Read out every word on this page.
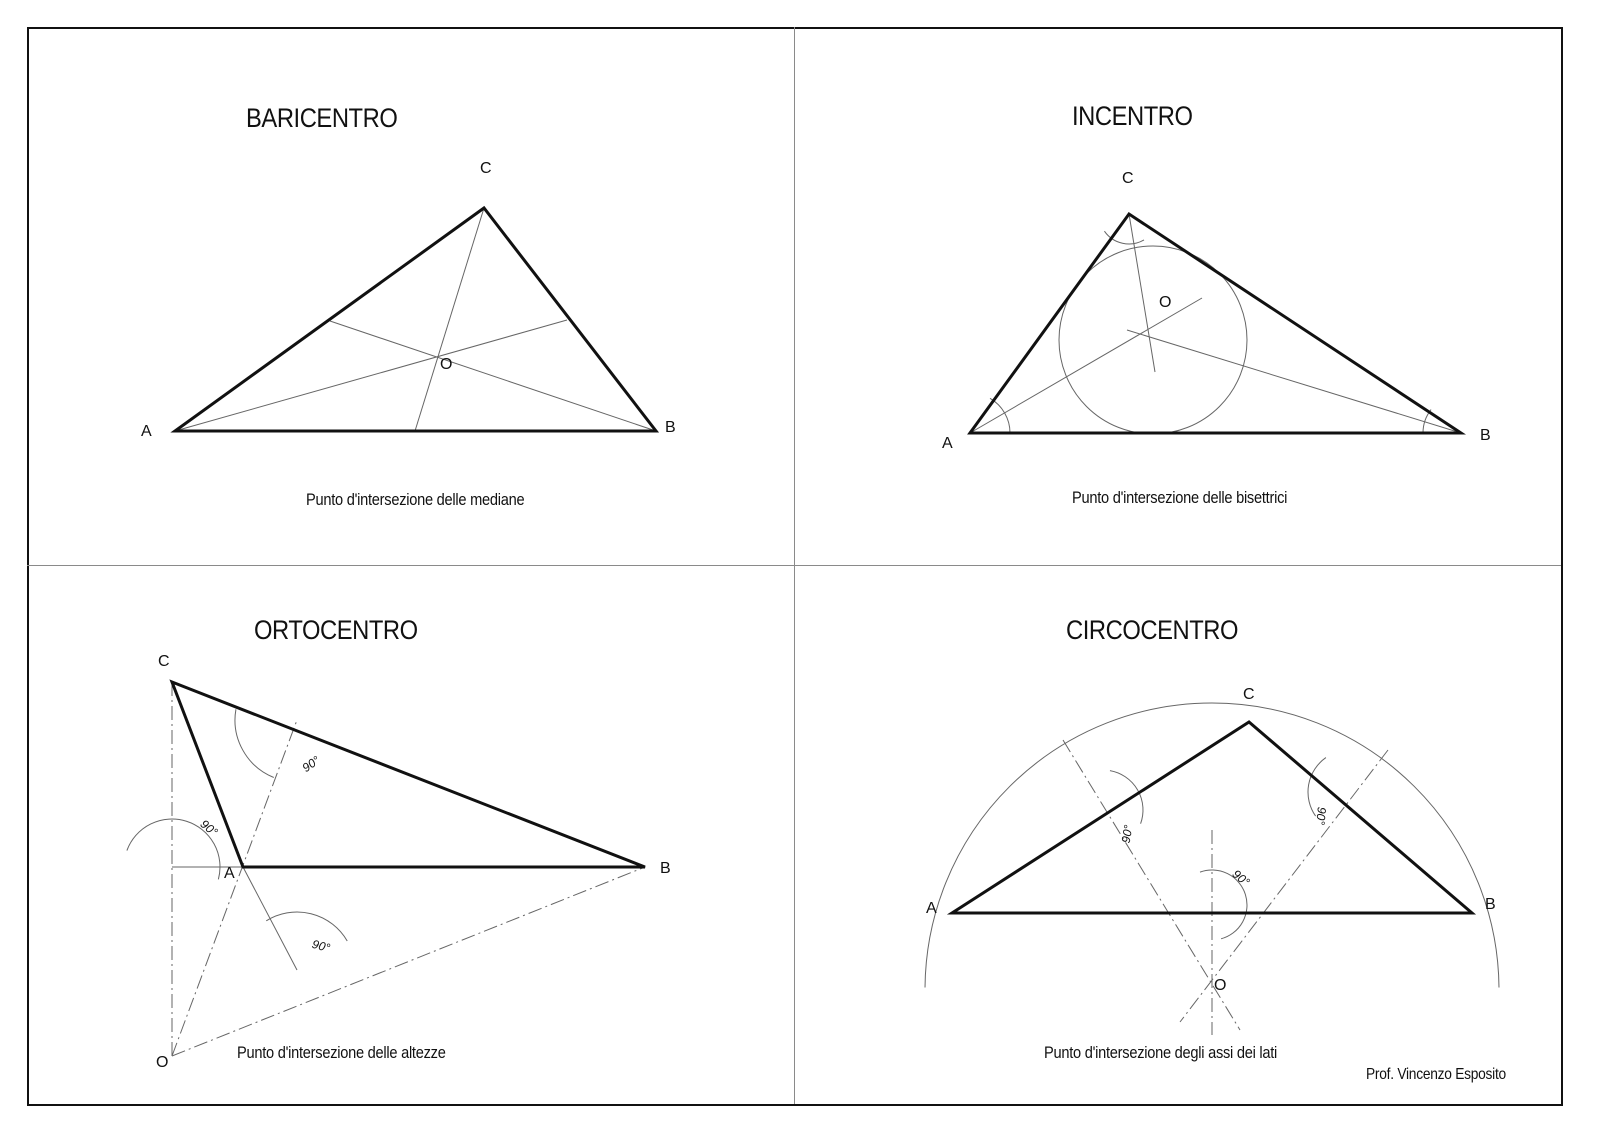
BARICENTRO
Punto d'intersezione delle mediane
A	B
C
O
INCENTRO
Punto d'intersezione delle bisettrici
A	B
C
O
ORTOCENTRO
Punto d'intersezione delle altezze
A	B
C
O
90°
90°
90°
CIRCOCENTRO
Punto d'intersezione degli assi dei lati
A	B
C
O
90°
90°
90°
Prof. Vincenzo Esposito
